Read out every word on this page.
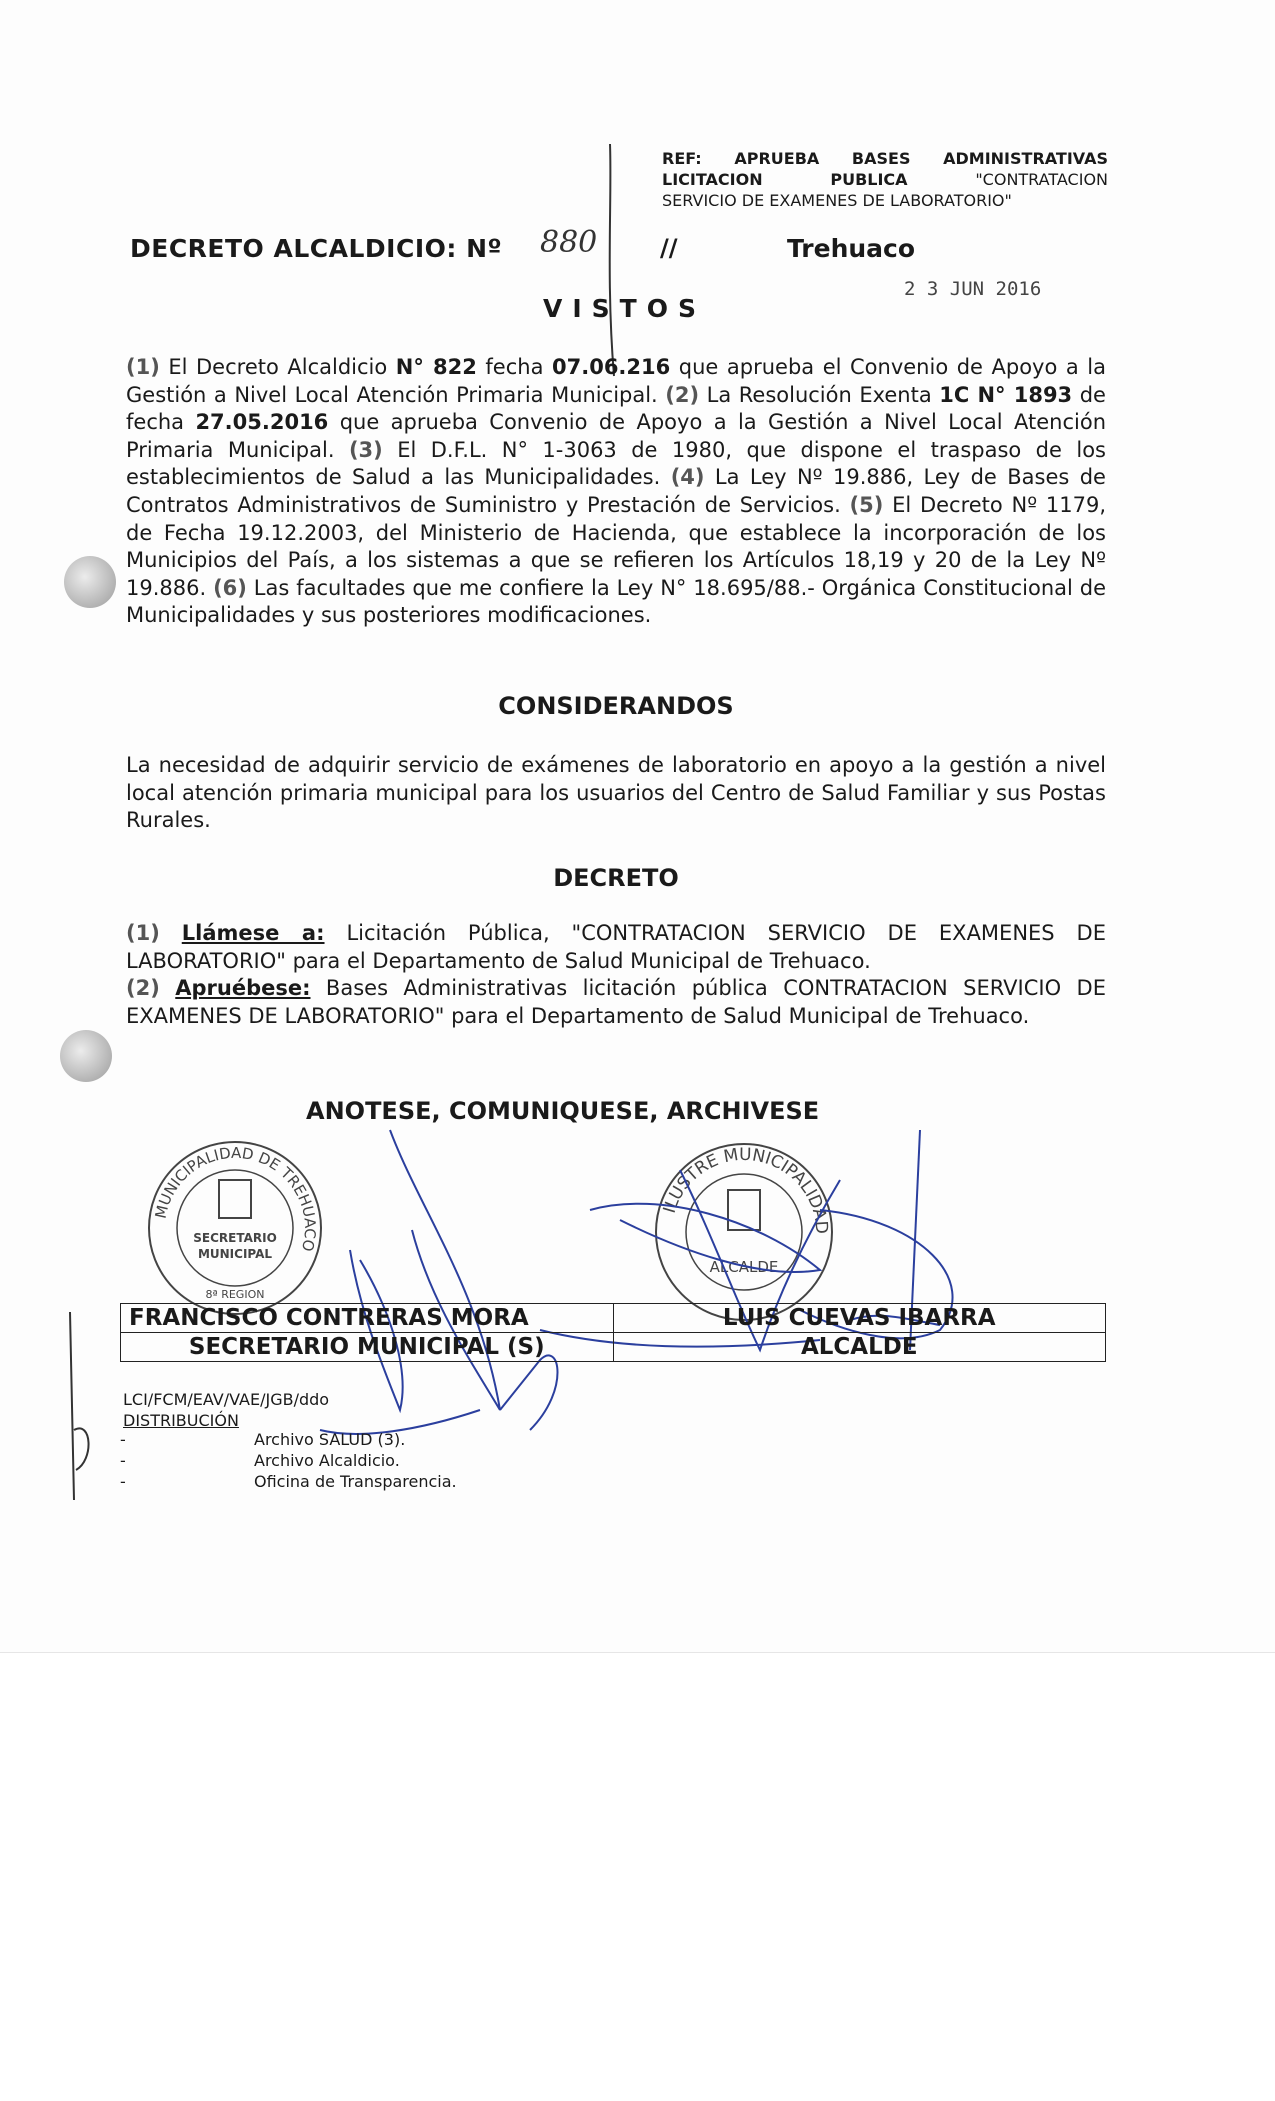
REF: APRUEBA BASES ADMINISTRATIVAS
LICITACION	PUBLICA	"CONTRATACION
SERVICIO DE EXAMENES DE LABORATORIO"
880
DECRETO ALCALDICIO: Nº	//	Trehuaco
2 3 JUN 2016
VISTOS
(1) El Decreto Alcaldicio N° 822 fecha 07.06.216 que aprueba el Convenio de Apoyo a la Gestión a Nivel Local Atención Primaria Municipal. (2) La Resolución Exenta 1C N° 1893 de fecha 27.05.2016 que aprueba Convenio de Apoyo a la Gestión a Nivel Local Atención Primaria Municipal. (3) El D.F.L. N° 1-3063 de 1980, que dispone el traspaso de los establecimientos de Salud a las Municipalidades. (4) La Ley Nº 19.886, Ley de Bases de Contratos Administrativos de Suministro y Prestación de Servicios. (5) El Decreto Nº 1179, de Fecha 19.12.2003, del Ministerio de Hacienda, que establece la incorporación de los Municipios del País, a los sistemas a que se refieren los Artículos 18,19 y 20 de la Ley Nº 19.886. (6) Las facultades que me confiere la Ley N° 18.695/88.- Orgánica Constitucional de Municipalidades y sus posteriores modificaciones.
CONSIDERANDOS
La necesidad de adquirir servicio de exámenes de laboratorio en apoyo a la gestión a nivel local atención primaria municipal para los usuarios del Centro de Salud Familiar y sus Postas Rurales.
DECRETO
(1) Llámese a: Licitación Pública, "CONTRATACION SERVICIO DE EXAMENES DE LABORATORIO" para el Departamento de Salud Municipal de Trehuaco.
(2) Apruébese: Bases Administrativas licitación pública CONTRATACION SERVICIO DE EXAMENES DE LABORATORIO" para el Departamento de Salud Municipal de Trehuaco.
ANOTESE, COMUNIQUESE, ARCHIVESE
MUNICIPALIDAD DE TREHUACO
SECRETARIO
MUNICIPAL
8ª REGION
ILUSTRE MUNICIPALIDAD
ALCALDE
FRANCISCO CONTRERAS MORA	LUIS CUEVAS IBARRA
SECRETARIO MUNICIPAL (S)	ALCALDE
LCI/FCM/EAV/VAE/JGB/ddo
DISTRIBUCIÓN
-	Archivo SALUD (3).
-	Archivo Alcaldicio.
-	Oficina de Transparencia.
